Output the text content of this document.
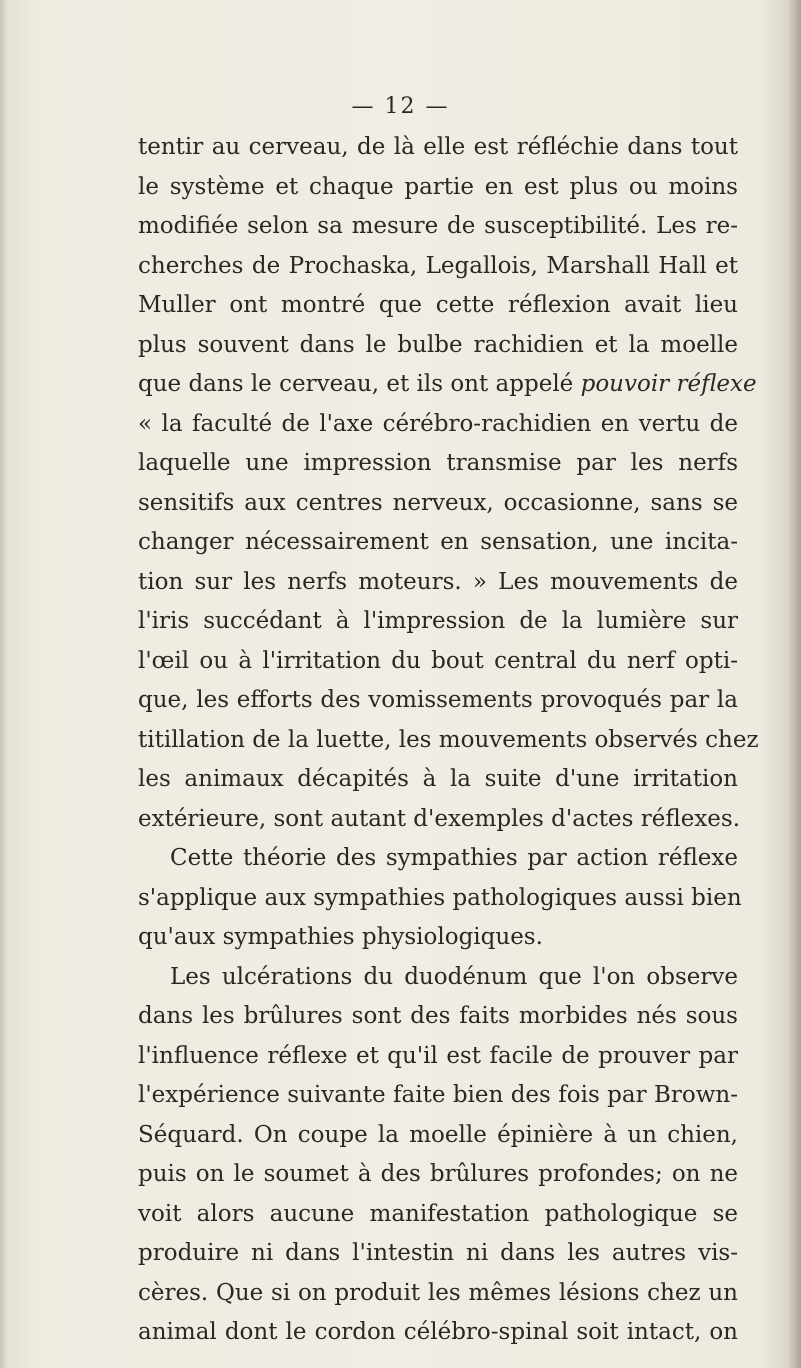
— 12 —
tentir au cerveau, de là elle est réfléchie dans tout
le système et chaque partie en est plus ou moins
modifiée selon sa mesure de susceptibilité. Les re-
cherches de Prochaska, Legallois, Marshall Hall et
Muller ont montré que cette réflexion avait lieu
plus souvent dans le bulbe rachidien et la moelle
que dans le cerveau, et ils ont appelé pouvoir réflexe
« la faculté de l'axe cérébro-rachidien en vertu de
laquelle une impression transmise par les nerfs
sensitifs aux centres nerveux, occasionne, sans se
changer nécessairement en sensation, une incita-
tion sur les nerfs moteurs. » Les mouvements de
l'iris succédant à l'impression de la lumière sur
l'œil ou à l'irritation du bout central du nerf opti-
que, les efforts des vomissements provoqués par la
titillation de la luette, les mouvements observés chez
les animaux décapités à la suite d'une irritation
extérieure, sont autant d'exemples d'actes réflexes.
Cette théorie des sympathies par action réflexe
s'applique aux sympathies pathologiques aussi bien
qu'aux sympathies physiologiques.
Les ulcérations du duodénum que l'on observe
dans les brûlures sont des faits morbides nés sous
l'influence réflexe et qu'il est facile de prouver par
l'expérience suivante faite bien des fois par Brown-
Séquard. On coupe la moelle épinière à un chien,
puis on le soumet à des brûlures profondes; on ne
voit alors aucune manifestation pathologique se
produire ni dans l'intestin ni dans les autres vis-
cères. Que si on produit les mêmes lésions chez un
animal dont le cordon célébro-spinal soit intact, on
